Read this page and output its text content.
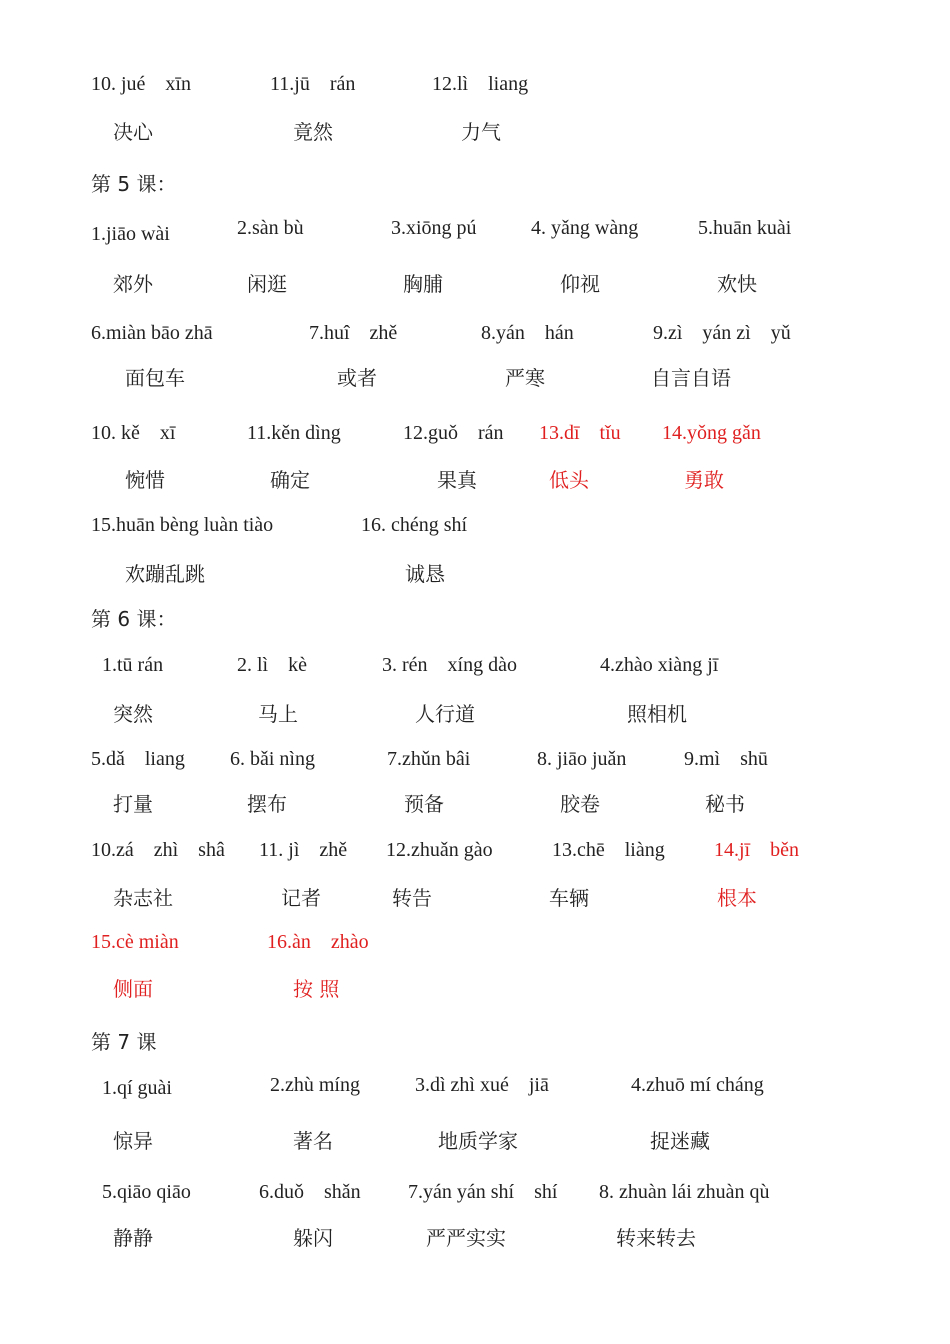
10. jué　xīn	11.jū　rán	12.lì　liang
决心	竟然	力气
第 5 课：
1.jiāo wài	2.sàn bù	3.xiōng pú	4. yǎng wàng	5.huān kuài
郊外	闲逛	胸脯	仰视	欢快
6.miàn bāo zhā	7.huî　zhě	8.yán　hán	9.zì　yán zì　yǔ
面包车	或者	严寒	自言自语
10. kě　xī	11.kěn dìng	12.guǒ　rán 13.dī　tǐu 14.yǒng gǎn
惋惜	确定	果真	低头	勇敢
15.huān bèng luàn tiào	16. chéng shí
欢蹦乱跳	诚恳
第 6 课：
1.tū rán	2. lì　kè	3. rén　xíng dào	4.zhào xiàng jī
突然	马上	人行道	照相机
5.dǎ　liang 6. bǎi nìng	7.zhǔn bâi	8. jiāo juǎn	9.mì　shū
打量	摆布	预备	胶卷	秘书
10.zá　zhì　shâ 11. jì　zhě 12.zhuǎn gào	13.chē　liàng 14.jī　běn
杂志社	记者	转告	车辆	根本
15.cè miàn	16.àn　zhào
侧面	按 照
第 7 课
1.qí guài	2.zhù míng	3.dì zhì xué　jiā	4.zhuō mí cháng
惊异	著名	地质学家	捉迷藏
5.qiāo qiāo	6.duǒ　shǎn 7.yán yán shí　shí 8. zhuàn lái zhuàn qù
静静	躲闪	严严实实	转来转去
